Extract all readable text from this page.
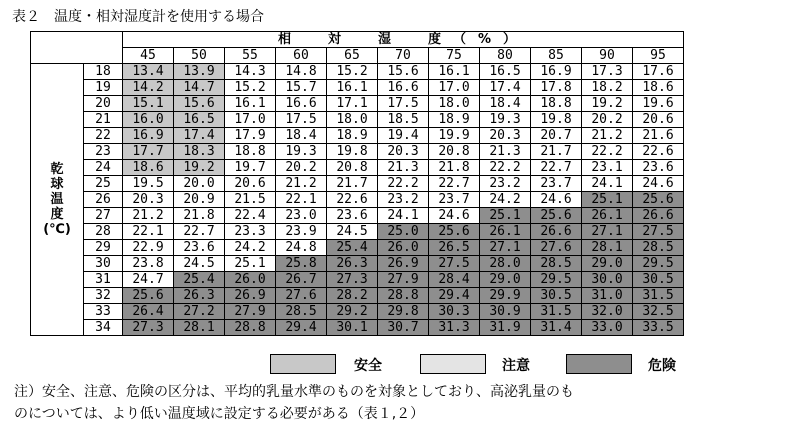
表２　温度・相対湿度計を使用する場合
		相　対　湿　度（%）										
		45	50	55	60	65	70	75	80	85	90	95

乾
球
温
度
(℃)	18	13.4	13.9	14.3	14.8	15.2	15.6	16.1	16.5	16.9	17.3	17.6
	19	14.2	14.7	15.2	15.7	16.1	16.6	17.0	17.4	17.8	18.2	18.6
	20	15.1	15.6	16.1	16.6	17.1	17.5	18.0	18.4	18.8	19.2	19.6
	21	16.0	16.5	17.0	17.5	18.0	18.5	18.9	19.3	19.8	20.2	20.6
	22	16.9	17.4	17.9	18.4	18.9	19.4	19.9	20.3	20.7	21.2	21.6
	23	17.7	18.3	18.8	19.3	19.8	20.3	20.8	21.3	21.7	22.2	22.6
	24	18.6	19.2	19.7	20.2	20.8	21.3	21.8	22.2	22.7	23.1	23.6
	25	19.5	20.0	20.6	21.2	21.7	22.2	22.7	23.2	23.7	24.1	24.6
	26	20.3	20.9	21.5	22.1	22.6	23.2	23.7	24.2	24.6	25.1	25.6
	27	21.2	21.8	22.4	23.0	23.6	24.1	24.6	25.1	25.6	26.1	26.6
	28	22.1	22.7	23.3	23.9	24.5	25.0	25.6	26.1	26.6	27.1	27.5
	29	22.9	23.6	24.2	24.8	25.4	26.0	26.5	27.1	27.6	28.1	28.5
	30	23.8	24.5	25.1	25.8	26.3	26.9	27.5	28.0	28.5	29.0	29.5
	31	24.7	25.4	26.0	26.7	27.3	27.9	28.4	29.0	29.5	30.0	30.5
	32	25.6	26.3	26.9	27.6	28.2	28.8	29.4	29.9	30.5	31.0	31.5
	33	26.4	27.2	27.9	28.5	29.2	29.8	30.3	30.9	31.5	32.0	32.5
	34	27.3	28.1	28.8	29.4	30.1	30.7	31.3	31.9	31.4	33.0	33.5
安全	注意	危険
注）安全、注意、危険の区分は、平均的乳量水準のものを対象としており、高泌乳量のも
のについては、より低い温度域に設定する必要がある（表１,２）
